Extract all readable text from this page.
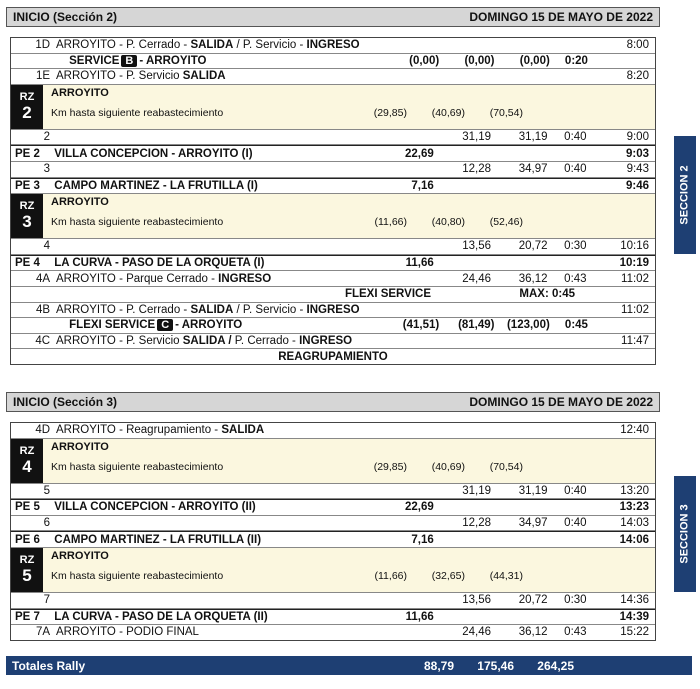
INICIO (Sección 2)	DOMINGO 15 DE MAYO DE 2022
1D ARROYITO - P. Cerrado - SALIDA / P. Servicio - INGRESO	8:00
SERVICE B - ARROYITO	(0,00)	(0,00)	(0,00)	0:20
1E ARROYITO - P. Servicio SALIDA	8:20
RZ
2
ARROYITO
Km hasta siguiente reabastecimiento	(29,85)	(40,69)	(70,54)
2	31,19	31,19	0:40	9:00
PE 2	VILLA CONCEPCION - ARROYITO (I)	22,69	9:03
3	12,28	34,97	0:40	9:43
PE 3	CAMPO MARTINEZ - LA FRUTILLA (I)	7,16	9:46
RZ
3
ARROYITO
Km hasta siguiente reabastecimiento	(11,66)	(40,80)	(52,46)
4	13,56	20,72	0:30	10:16
PE 4	LA CURVA - PASO DE LA ORQUETA (I)	11,66	10:19
4A ARROYITO - Parque Cerrado - INGRESO	24,46	36,12	0:43	11:02
FLEXI SERVICE	MAX: 0:45
4B ARROYITO - P. Cerrado - SALIDA / P. Servicio - INGRESO	11:02
FLEXI SERVICE C - ARROYITO	(41,51)	(81,49)	(123,00)	0:45
4C ARROYITO - P. Servicio SALIDA / P. Cerrado - INGRESO	11:47
REAGRUPAMIENTO
SECCION 2
INICIO (Sección 3)	DOMINGO 15 DE MAYO DE 2022
4D ARROYITO - Reagrupamiento - SALIDA	12:40
RZ
4
ARROYITO
Km hasta siguiente reabastecimiento	(29,85)	(40,69)	(70,54)
5	31,19	31,19	0:40	13:20
PE 5	VILLA CONCEPCION - ARROYITO (II)	22,69	13:23
6	12,28	34,97	0:40	14:03
PE 6	CAMPO MARTINEZ - LA FRUTILLA (II)	7,16	14:06
RZ
5
ARROYITO
Km hasta siguiente reabastecimiento	(11,66)	(32,65)	(44,31)
7	13,56	20,72	0:30	14:36
PE 7	LA CURVA - PASO DE LA ORQUETA (II)	11,66	14:39
7A ARROYITO - PODIO FINAL	24,46	36,12	0:43	15:22
SECCION 3
Totales Rally	88,79	175,46	264,25
